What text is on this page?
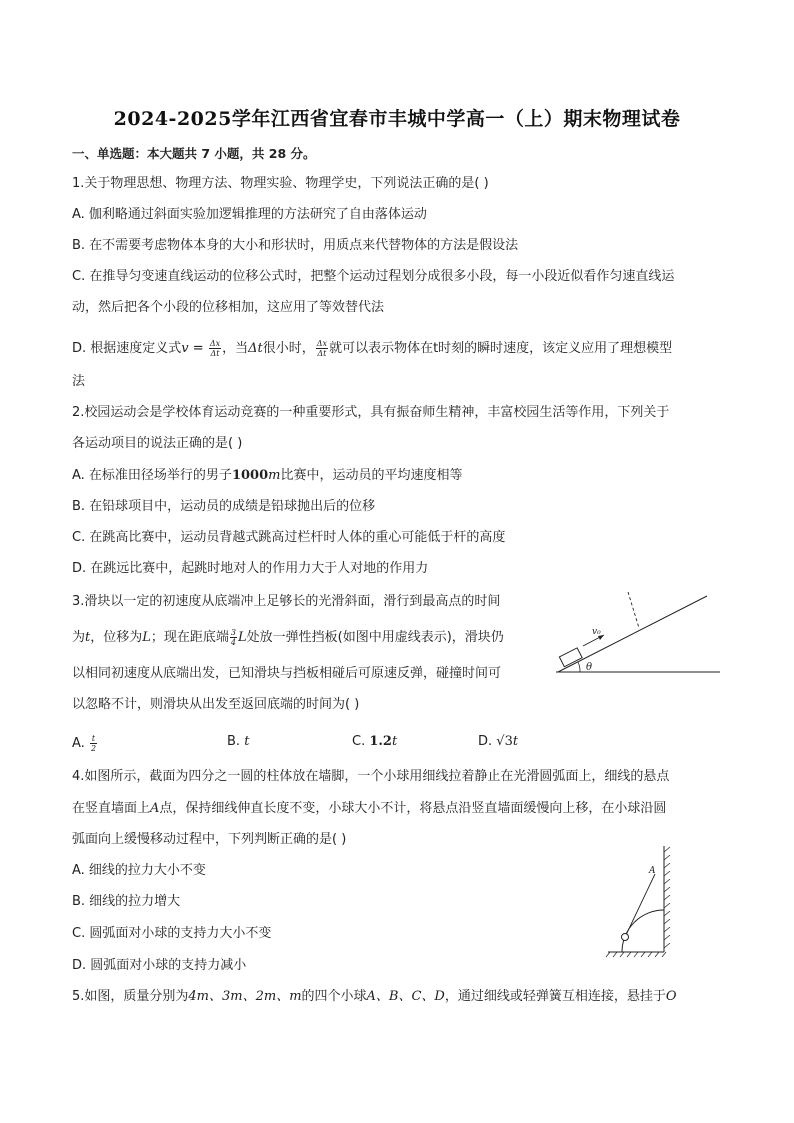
2024-2025学年江西省宜春市丰城中学高一（上）期末物理试卷
一、单选题：本大题共 7 小题，共 28 分。
1.关于物理思想、物理方法、物理实验、物理学史，下列说法正确的是( )
A. 伽利略通过斜面实验加逻辑推理的方法研究了自由落体运动
B. 在不需要考虑物体本身的大小和形状时，用质点来代替物体的方法是假设法
C. 在推导匀变速直线运动的位移公式时，把整个运动过程划分成很多小段，每一小段近似看作匀速直线运
动，然后把各个小段的位移相加，这应用了等效替代法
D. 根据速度定义式$v = \frac{\Delta x}{\Delta t}$ ，当Δt很小时， $\frac{\Delta x}{\Delta t}$ 就可以表示物体在t时刻的瞬时速度，该定义应用了理想模型
法
2.校园运动会是学校体育运动竞赛的一种重要形式，具有振奋师生精神，丰富校园生活等作用，下列关于
各运动项目的说法正确的是( )
A. 在标准田径场举行的男子1000m比赛中，运动员的平均速度相等
B. 在铅球项目中，运动员的成绩是铅球抛出后的位移
C. 在跳高比赛中，运动员背越式跳高过栏杆时人体的重心可能低于杆的高度
D. 在跳远比赛中，起跳时地对人的作用力大于人对地的作用力
3.滑块以一定的初速度从底端冲上足够长的光滑斜面，滑行到最高点的时间
为t，位移为L；现在距底端 $\frac{3}{4}$ L处放一弹性挡板(如图中用虚线表示)，滑块仍
以相同初速度从底端出发，已知滑块与挡板相碰后可原速反弹，碰撞时间可
以忽略不计，则滑块从出发至返回底端的时间为( )
A. $\frac{t}{2}$	B. t	C. 1.2t	D. √3t
v₀
θ
4.如图所示，截面为四分之一圆的柱体放在墙脚，一个小球用细线拉着静止在光滑圆弧面上，细线的悬点
在竖直墙面上A点，保持细线伸直长度不变，小球大小不计，将悬点沿竖直墙面缓慢向上移，在小球沿圆
弧面向上缓慢移动过程中，下列判断正确的是( )
A. 细线的拉力大小不变
B. 细线的拉力增大
C. 圆弧面对小球的支持力大小不变
D. 圆弧面对小球的支持力减小
A
5.如图，质量分别为4m、3m、2m、m的四个小球A、B、C、D，通过细线或轻弹簧互相连接，悬挂于O
